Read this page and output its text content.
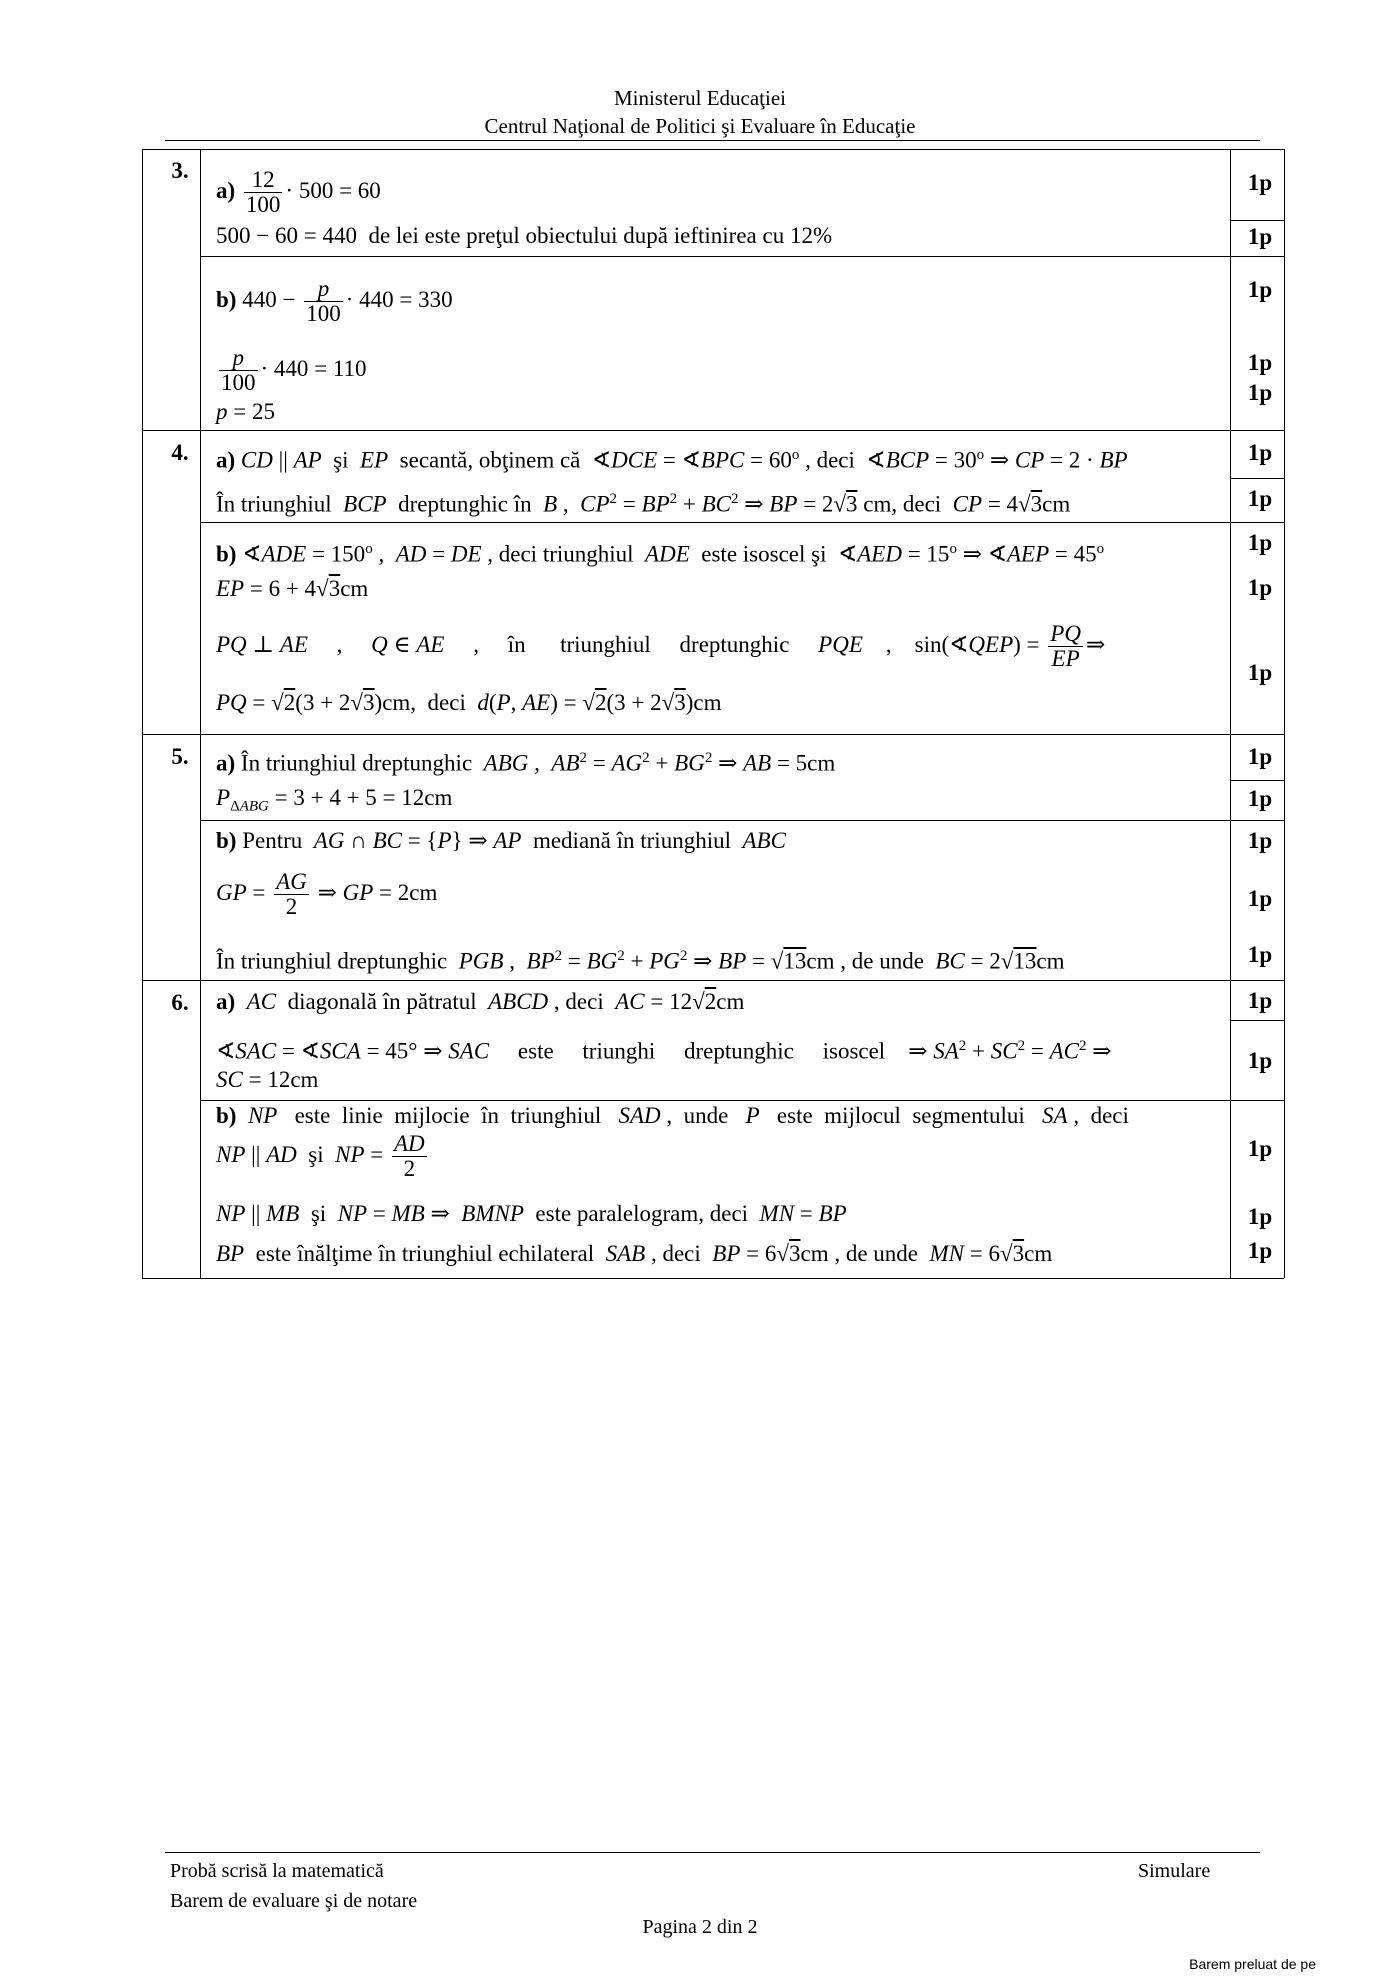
Ministerul Educaţiei
Centrul Naţional de Politici şi Evaluare în Educaţie
3.
4.
5.
6.
$a) \frac{12}{100} \cdot 500 = 60$
500 − 60 = 440  de lei este preţul obiectului după ieftinirea cu 12%
b) $440 - \frac{p}{100} \cdot 440 = 330$
$\frac{p}{100} \cdot 440 = 110$
p = 25
a) CD || AP  şi  EP  secantă, obţinem că  ∢DCE = ∢BPC = $60^o$ , deci  ∢BCP = $30^o$ ⇒ CP = 2 · BP
În triunghiul  BCP  dreptunghic în  B ,  $CP^2 = BP^2 + BC^2$ ⇒ BP = 2√3 cm, deci  CP = 4√3cm
b) ∢ADE = $150^o$ ,  AD = DE , deci triunghiul  ADE  este isoscel şi  ∢AED = $15^o$ ⇒ ∢AEP = $45^o$
EP = 6 + 4√3cm
PQ ⊥ AE     ,     Q ∈ AE     ,     în      triunghiul     dreptunghic     PQE    ,    sin(∢QEP) = $\frac{PQ}{EP}$ ⇒
PQ = √2(3 + 2√3)cm,  deci  d(P, AE) = √2(3 + 2√3)cm
a) În triunghiul dreptunghic  ABG ,  $AB^2 = AG^2 + BG^2$ ⇒ AB = 5cm
$P_{\Delta ABG} = 3 + 4 + 5 = 12cm$
b) Pentru  AG ∩ BC = {P} ⇒ AP  mediană în triunghiul  ABC
GP = $\frac{AG}{2}$ ⇒ GP = 2cm
În triunghiul dreptunghic  PGB ,  $BP^2 = BG^2 + PG^2$ ⇒ BP = √13cm , de unde  BC = 2√13cm
a) AC  diagonală în pătratul  ABCD , deci  AC = 12√2cm
∢SAC = ∢SCA = 45° ⇒ SAC     este     triunghi     dreptunghic     isoscel    ⇒ $SA^2 + SC^2 = AC^2$ ⇒
SC = 12cm
b) NP   este  linie  mijlocie  în  triunghiul   SAD ,  unde   P   este  mijlocul  segmentului   SA ,  deci
NP || AD  şi  NP = $\frac{AD}{2}$
NP || MB  şi  NP = MB ⇒  BMNP  este paralelogram, deci  MN = BP
BP  este înălţime în triunghiul echilateral  SAB , deci  BP = 6√3cm , de unde  MN = 6√3cm
1p
1p
1p
1p
1p
1p
1p
1p
1p
1p
1p
1p
1p
1p
1p
1p
1p
1p
1p
1p
Probă scrisă la matematică
Barem de evaluare şi de notare
Simulare
Pagina 2 din 2
Barem preluat de pe
